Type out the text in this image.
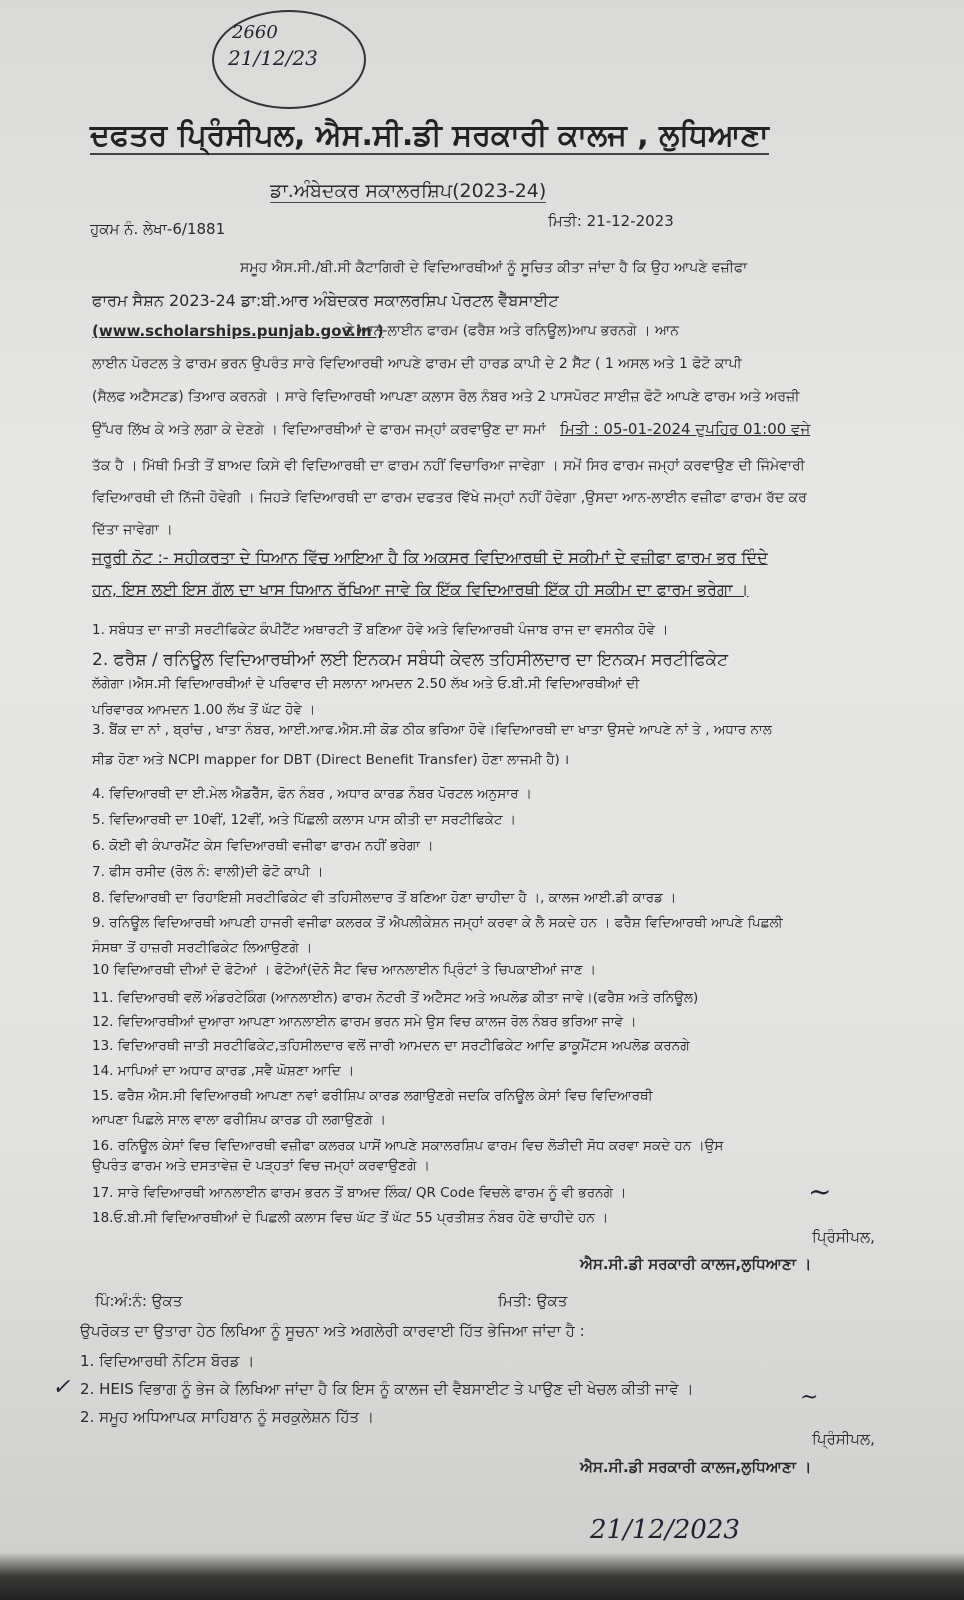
2660
21/12/23
ਦਫਤਰ ਪ੍ਰਿੰਸੀਪਲ, ਐਸ.ਸੀ.ਡੀ ਸਰਕਾਰੀ ਕਾਲਜ , ਲੁਧਿਆਣਾ
ਡਾ.ਅੰਬੇਦਕਰ ਸਕਾਲਰਸ਼ਿਪ(2023-24)
ਹੁਕਮ ਨੰ. ਲੇਖਾ-6/1881	ਮਿਤੀ: 21-12-2023
ਸਮੂਹ ਐਸ.ਸੀ./ਬੀ.ਸੀ ਕੈਟਾਗਿਰੀ ਦੇ ਵਿਦਿਆਰਥੀਆਂ ਨੂੰ ਸੂਚਿਤ ਕੀਤਾ ਜਾਂਦਾ ਹੈ ਕਿ ਉਹ ਆਪਣੇ ਵਜ਼ੀਫਾ
ਫਾਰਮ ਸੈਸ਼ਨ 2023-24 ਡਾ:ਬੀ.ਆਰ ਅੰਬੇਦਕਰ ਸਕਾਲਰਸ਼ਿਪ ਪੋਰਟਲ ਵੈੱਬਸਾਈਟ
(www.scholarships.punjab.gov.in )
ਤੇ ਆਨ-ਲਾਈਨ ਫਾਰਮ (ਫਰੈਸ਼ ਅਤੇ ਰਨਿਊਲ)ਆਪ ਭਰਨਗੇ । ਆਨ
ਲਾਈਨ ਪੋਰਟਲ ਤੇ ਫਾਰਮ ਭਰਨ ਉਪਰੰਤ ਸਾਰੇ ਵਿਦਿਆਰਥੀ ਆਪਣੇ ਫਾਰਮ ਦੀ ਹਾਰਡ ਕਾਪੀ ਦੇ 2 ਸੈੱਟ ( 1 ਅਸਲ ਅਤੇ 1 ਫੋਟੋ ਕਾਪੀ
(ਸੈਲਫ ਅਟੈਸਟਡ) ਤਿਆਰ ਕਰਨਗੇ । ਸਾਰੇ ਵਿਦਿਆਰਥੀ ਆਪਣਾ ਕਲਾਸ ਰੋਲ ਨੰਬਰ ਅਤੇ 2 ਪਾਸਪੋਰਟ ਸਾਈਜ਼ ਫੋਟੋ ਆਪਣੇ ਫਾਰਮ ਅਤੇ ਅਰਜ਼ੀ
ਉੱਪਰ ਲਿੱਖ ਕੇ ਅਤੇ ਲਗਾ ਕੇ ਦੇਣਗੇ । ਵਿਦਿਆਰਥੀਆਂ ਦੇ ਫਾਰਮ ਜਮ੍ਹਾਂ ਕਰਵਾਉਣ ਦਾ ਸਮਾਂ ਮਿਤੀ : 05-01-2024 ਦੁਪਹਿਰ 01:00 ਵਜੇ
ਤੱਕ ਹੈ । ਮਿੱਥੀ ਮਿਤੀ ਤੋਂ ਬਾਅਦ ਕਿਸੇ ਵੀ ਵਿਦਿਆਰਥੀ ਦਾ ਫਾਰਮ ਨਹੀਂ ਵਿਚਾਰਿਆ ਜਾਵੇਗਾ । ਸਮੇਂ ਸਿਰ ਫਾਰਮ ਜਮ੍ਹਾਂ ਕਰਵਾਉਣ ਦੀ ਜਿੰਮੇਵਾਰੀ
ਵਿਦਿਆਰਥੀ ਦੀ ਨਿੱਜੀ ਹੋਵੇਗੀ । ਜਿਹੜੇ ਵਿਦਿਆਰਥੀ ਦਾ ਫਾਰਮ ਦਫਤਰ ਵਿੱਖੇ ਜਮ੍ਹਾਂ ਨਹੀਂ ਹੋਵੇਗਾ ,ਉਸਦਾ ਆਨ-ਲਾਈਨ ਵਜ਼ੀਫਾ ਫਾਰਮ ਰੱਦ ਕਰ
ਦਿੱਤਾ ਜਾਵੇਗਾ ।
ਜਰੂਰੀ ਨੋਟ :- ਸਹੀਕਰਤਾ ਦੇ ਧਿਆਨ ਵਿੱਚ ਆਇਆ ਹੈ ਕਿ ਅਕਸਰ ਵਿਦਿਆਰਥੀ ਦੋ ਸਕੀਮਾਂ ਦੇ ਵਜ਼ੀਫਾ ਫਾਰਮ ਭਰ ਦਿੰਦੇ
ਹਨ, ਇਸ ਲਈ ਇਸ ਗੱਲ ਦਾ ਖਾਸ ਧਿਆਨ ਰੱਖਿਆ ਜਾਵੇ ਕਿ ਇੱਕ ਵਿਦਿਆਰਥੀ ਇੱਕ ਹੀ ਸਕੀਮ ਦਾ ਫਾਰਮ ਭਰੇਗਾ ।
1. ਸਬੰਧਤ ਦਾ ਜਾਤੀ ਸਰਟੀਫਿਕੇਟ ਕੰਪੀਟੈਂਟ ਅਥਾਰਟੀ ਤੋਂ ਬਣਿਆ ਹੋਵੇ ਅਤੇ ਵਿਦਿਆਰਥੀ ਪੰਜਾਬ ਰਾਜ ਦਾ ਵਸਨੀਕ ਹੋਵੇ ।
2. ਫਰੈਸ਼ / ਰਨਿਊਲ ਵਿਦਿਆਰਥੀਆਂ ਲਈ ਇਨਕਮ ਸਬੰਧੀ ਕੇਵਲ ਤਹਿਸੀਲਦਾਰ ਦਾ ਇਨਕਮ ਸਰਟੀਫਿਕੇਟ
ਲੱਗੇਗਾ।ਐਸ.ਸੀ ਵਿਦਿਆਰਥੀਆਂ ਦੇ ਪਰਿਵਾਰ ਦੀ ਸਲਾਨਾ ਆਮਦਨ 2.50 ਲੱਖ ਅਤੇ ਓ.ਬੀ.ਸੀ ਵਿਦਿਆਰਥੀਆਂ ਦੀ
ਪਰਿਵਾਰਕ ਆਮਦਨ 1.00 ਲੱਖ ਤੋਂ ਘੱਟ ਹੋਵੇ ।
3. ਬੈਂਕ ਦਾ ਨਾਂ , ਬ੍ਰਾਂਚ , ਖਾਤਾ ਨੰਬਰ, ਆਈ.ਆਫ.ਐਸ.ਸੀ ਕੋਡ ਠੀਕ ਭਰਿਆ ਹੋਵੇ।ਵਿਦਿਆਰਥੀ ਦਾ ਖਾਤਾ ਉਸਦੇ ਆਪਣੇ ਨਾਂ ਤੇ , ਅਧਾਰ ਨਾਲ
ਸੀਡ ਹੋਣਾ ਅਤੇ NCPI mapper for DBT (Direct Benefit Transfer) ਹੋਣਾ ਲਾਜਮੀ ਹੈ) ।
4. ਵਿਦਿਆਰਥੀ ਦਾ ਈ.ਮੇਲ ਐਡਰੈੱਸ, ਫੋਨ ਨੰਬਰ , ਅਧਾਰ ਕਾਰਡ ਨੰਬਰ ਪੋਰਟਲ ਅਨੁਸਾਰ ।
5. ਵਿਦਿਆਰਥੀ ਦਾ 10ਵੀਂ, 12ਵੀਂ, ਅਤੇ ਪਿੱਛਲੀ ਕਲਾਸ ਪਾਸ ਕੀਤੀ ਦਾ ਸਰਟੀਫਿਕੇਟ ।
6. ਕੋਈ ਵੀ ਕੰਪਾਰਮੈਂਟ ਕੇਸ ਵਿਦਿਆਰਥੀ ਵਜੀਫਾ ਫਾਰਮ ਨਹੀਂ ਭਰੇਗਾ ।
7. ਫੀਸ ਰਸੀਦ (ਰੋਲ ਨੰ: ਵਾਲੀ)ਦੀ ਫੋਟੋ ਕਾਪੀ ।
8. ਵਿਦਿਆਰਥੀ ਦਾ ਰਿਹਾਇਸ਼ੀ ਸਰਟੀਫਿਕੇਟ ਵੀ ਤਹਿਸੀਲਦਾਰ ਤੋਂ ਬਣਿਆ ਹੋਣਾ ਚਾਹੀਦਾ ਹੈ ।, ਕਾਲਜ ਆਈ.ਡੀ ਕਾਰਡ ।
9. ਰਨਿਊਲ ਵਿਦਿਆਰਥੀ ਆਪਣੀ ਹਾਜਰੀ ਵਜੀਫਾ ਕਲਰਕ ਤੋਂ ਐਪਲੀਕੇਸ਼ਨ ਜਮ੍ਹਾਂ ਕਰਵਾ ਕੇ ਲੈ ਸਕਦੇ ਹਨ । ਫਰੈਸ਼ ਵਿਦਿਆਰਥੀ ਆਪਣੇ ਪਿਛਲੀ
ਸੰਸਥਾ ਤੋਂ ਹਾਜ਼ਰੀ ਸਰਟੀਫਿਕੇਟ ਲਿਆਉਣਗੇ ।
10 ਵਿਦਿਆਰਥੀ ਦੀਆਂ ਦੋ ਫੋਟੋਆਂ । ਫੋਟੋਆਂ(ਦੋਨੋ ਸੈਟ ਵਿਚ ਆਨਲਾਈਨ ਪ੍ਰਿੰਟਾਂ ਤੇ ਚਿਪਕਾਈਆਂ ਜਾਣ ।
11. ਵਿਦਿਆਰਥੀ ਵਲੋਂ ਅੰਡਰਟੇਕਿੰਗ (ਆਨਲਾਈਨ) ਫਾਰਮ ਨੋਟਰੀ ਤੋਂ ਅਟੈਸਟ ਅਤੇ ਅਪਲੋਡ ਕੀਤਾ ਜਾਵੇ।(ਫਰੈਸ਼ ਅਤੇ ਰਨਿਊਲ)
12. ਵਿਦਿਆਰਥੀਆਂ ਦੁਆਰਾ ਆਪਣਾ ਆਨਲਾਈਨ ਫਾਰਮ ਭਰਨ ਸਮੇ ਉਸ ਵਿਚ ਕਾਲਜ ਰੋਲ ਨੰਬਰ ਭਰਿਆ ਜਾਵੇ ।
13. ਵਿਦਿਆਰਥੀ ਜਾਤੀ ਸਰਟੀਫਿਕੇਟ,ਤਹਿਸੀਲਦਾਰ ਵਲੋਂ ਜਾਰੀ ਆਮਦਨ ਦਾ ਸਰਟੀਫਿਕੇਟ ਆਦਿ ਡਾਕੂਮੈਂਟਸ ਅਪਲੋਡ ਕਰਨਗੇ
14. ਮਾਪਿਆਂ ਦਾ ਅਧਾਰ ਕਾਰਡ ,ਸਵੈ ਘੋਸ਼ਣਾ ਆਦਿ ।
15. ਫਰੈਸ਼ ਐਸ.ਸੀ ਵਿਦਿਆਰਥੀ ਆਪਣਾ ਨਵਾਂ ਫਰੀਸ਼ਿਪ ਕਾਰਡ ਲਗਾਉਣਗੇ ਜਦਕਿ ਰਨਿਊਲ ਕੇਸਾਂ ਵਿਚ ਵਿਦਿਆਰਥੀ
ਆਪਣਾ ਪਿਛਲੇ ਸਾਲ ਵਾਲਾ ਫਰੀਸ਼ਿਪ ਕਾਰਡ ਹੀ ਲਗਾਉਣਗੇ ।
16. ਰਨਿਊਲ ਕੇਸਾਂ ਵਿਚ ਵਿਦਿਆਰਥੀ ਵਜ਼ੀਫਾ ਕਲਰਕ ਪਾਸੋਂ ਆਪਣੇ ਸਕਾਲਰਸ਼ਿਪ ਫਾਰਮ ਵਿਚ ਲੋੜੀਦੀ ਸੋਧ ਕਰਵਾ ਸਕਦੇ ਹਨ ।ਉਸ
ਉਪਰੰਤ ਫਾਰਮ ਅਤੇ ਦਸਤਾਵੇਜ਼ ਦੋ ਪੜ੍ਹਤਾਂ ਵਿਚ ਜਮ੍ਹਾਂ ਕਰਵਾਉਣਗੇ ।
17. ਸਾਰੇ ਵਿਦਿਆਰਥੀ ਆਨਲਾਈਨ ਫਾਰਮ ਭਰਨ ਤੋਂ ਬਾਅਦ ਲਿੰਕ/ QR Code ਵਿਚਲੇ ਫਾਰਮ ਨੂੰ ਵੀ ਭਰਨਗੇ ।
18.ਓ.ਬੀ.ਸੀ ਵਿਦਿਆਰਥੀਆਂ ਦੇ ਪਿਛਲੀ ਕਲਾਸ ਵਿਚ ਘੱਟ ਤੋਂ ਘੱਟ 55 ਪ੍ਰਤੀਸ਼ਤ ਨੰਬਰ ਹੋਣੇ ਚਾਹੀਦੇ ਹਨ ।
~
ਪ੍ਰਿੰਸੀਪਲ,
ਐਸ.ਸੀ.ਡੀ ਸਰਕਾਰੀ ਕਾਲਜ,ਲੁਧਿਆਣਾ ।
ਪਿੰ:ਅੰ:ਨੰ: ਉਕਤ	ਮਿਤੀ: ਉਕਤ
ਉਪਰੋਕਤ ਦਾ ਉਤਾਰਾ ਹੇਠ ਲਿਖਿਆ ਨੂੰ ਸੂਚਨਾ ਅਤੇ ਅਗਲੇਰੀ ਕਾਰਵਾਈ ਹਿੱਤ ਭੇਜਿਆ ਜਾਂਦਾ ਹੈ :
1. ਵਿਦਿਆਰਥੀ ਨੋਟਿਸ ਬੋਰਡ ।
✓ 2. HEIS ਵਿਭਾਗ ਨੂੰ ਭੇਜ ਕੇ ਲਿਖਿਆ ਜਾਂਦਾ ਹੈ ਕਿ ਇਸ ਨੂੰ ਕਾਲਜ ਦੀ ਵੈਬਸਾਈਟ ਤੇ ਪਾਉਣ ਦੀ ਖੇਚਲ ਕੀਤੀ ਜਾਵੇ ।
2. ਸਮੂਹ ਅਧਿਆਪਕ ਸਾਹਿਬਾਨ ਨੂੰ ਸਰਕੁਲੇਸ਼ਨ ਹਿੱਤ ।
~
ਪ੍ਰਿੰਸੀਪਲ,
ਐਸ.ਸੀ.ਡੀ ਸਰਕਾਰੀ ਕਾਲਜ,ਲੁਧਿਆਣਾ ।
21/12/2023
